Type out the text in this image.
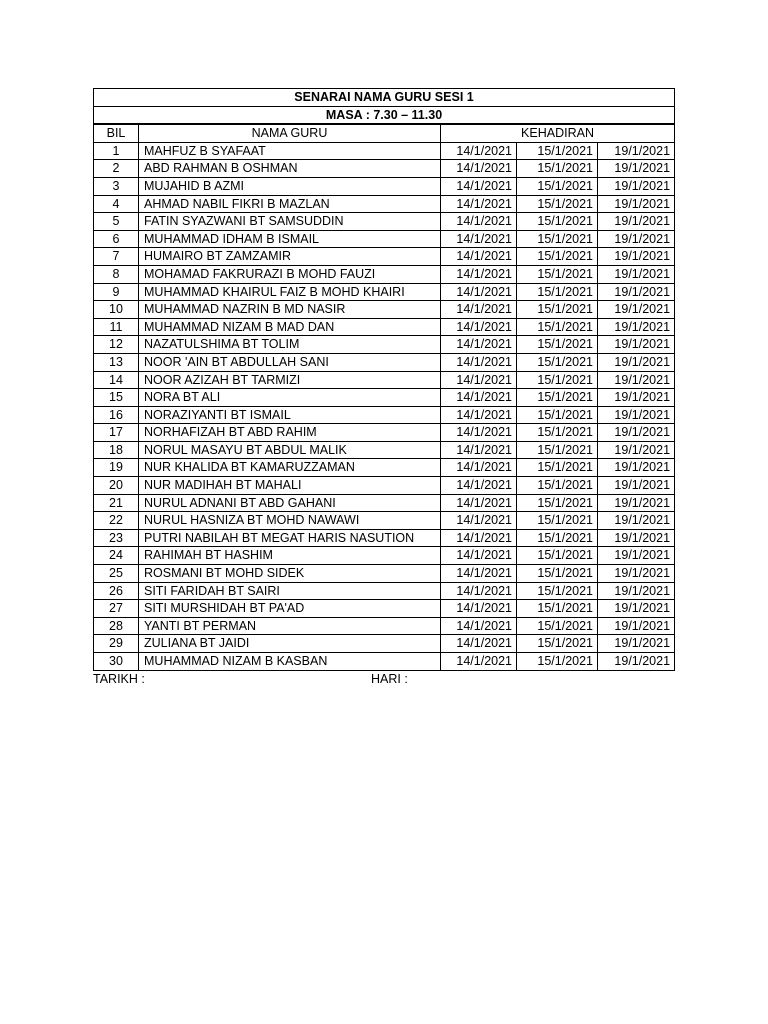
SENARAI NAMA GURU SESI 1				
MASA : 7.30 – 11.30				
BIL	NAMA GURU	KEHADIRAN		
1	MAHFUZ B SYAFAAT	14/1/2021	15/1/2021	19/1/2021
2	ABD RAHMAN B OSHMAN	14/1/2021	15/1/2021	19/1/2021
3	MUJAHID B AZMI	14/1/2021	15/1/2021	19/1/2021
4	AHMAD NABIL FIKRI B MAZLAN	14/1/2021	15/1/2021	19/1/2021
5	FATIN SYAZWANI BT SAMSUDDIN	14/1/2021	15/1/2021	19/1/2021
6	MUHAMMAD IDHAM B ISMAIL	14/1/2021	15/1/2021	19/1/2021
7	HUMAIRO BT ZAMZAMIR	14/1/2021	15/1/2021	19/1/2021
8	MOHAMAD FAKRURAZI B MOHD FAUZI	14/1/2021	15/1/2021	19/1/2021
9	MUHAMMAD KHAIRUL FAIZ B MOHD KHAIRI	14/1/2021	15/1/2021	19/1/2021
10	MUHAMMAD NAZRIN B MD NASIR	14/1/2021	15/1/2021	19/1/2021
11	MUHAMMAD NIZAM B MAD DAN	14/1/2021	15/1/2021	19/1/2021
12	NAZATULSHIMA BT TOLIM	14/1/2021	15/1/2021	19/1/2021
13	NOOR 'AIN BT ABDULLAH SANI	14/1/2021	15/1/2021	19/1/2021
14	NOOR AZIZAH BT TARMIZI	14/1/2021	15/1/2021	19/1/2021
15	NORA BT ALI	14/1/2021	15/1/2021	19/1/2021
16	NORAZIYANTI BT ISMAIL	14/1/2021	15/1/2021	19/1/2021
17	NORHAFIZAH BT ABD RAHIM	14/1/2021	15/1/2021	19/1/2021
18	NORUL MASAYU BT ABDUL MALIK	14/1/2021	15/1/2021	19/1/2021
19	NUR KHALIDA BT KAMARUZZAMAN	14/1/2021	15/1/2021	19/1/2021
20	NUR MADIHAH BT MAHALI	14/1/2021	15/1/2021	19/1/2021
21	NURUL ADNANI BT ABD GAHANI	14/1/2021	15/1/2021	19/1/2021
22	NURUL HASNIZA BT MOHD NAWAWI	14/1/2021	15/1/2021	19/1/2021
23	PUTRI NABILAH BT MEGAT HARIS NASUTION	14/1/2021	15/1/2021	19/1/2021
24	RAHIMAH BT HASHIM	14/1/2021	15/1/2021	19/1/2021
25	ROSMANI BT MOHD SIDEK	14/1/2021	15/1/2021	19/1/2021
26	SITI FARIDAH BT SAIRI	14/1/2021	15/1/2021	19/1/2021
27	SITI MURSHIDAH BT PA'AD	14/1/2021	15/1/2021	19/1/2021
28	YANTI BT PERMAN	14/1/2021	15/1/2021	19/1/2021
29	ZULIANA BT JAIDI	14/1/2021	15/1/2021	19/1/2021
30	MUHAMMAD NIZAM B KASBAN	14/1/2021	15/1/2021	19/1/2021
TARIKH :	HARI :
